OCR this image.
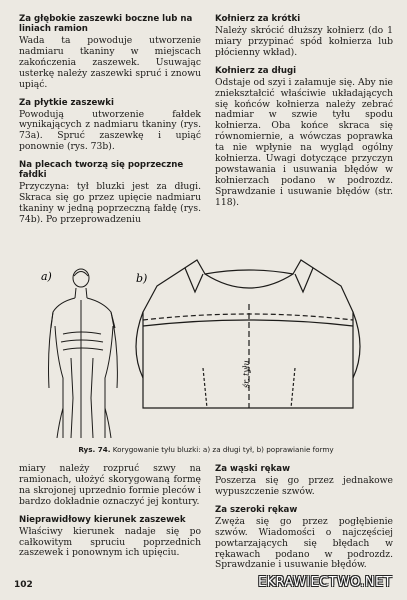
Za głębokie zaszewki boczne lub na liniach ramion
Wada ta powoduje utworzenie nadmiaru tkaniny w miejscach zakończenia zaszewek. Usuwając usterkę należy zaszewki spruć i znowu upiąć.
Za płytkie zaszewki
Powodują utworzenie fałdek wynikających z nadmiaru tkaniny (rys. 73a). Spruć zaszewkę i upiąć ponownie (rys. 73b).
Na plecach tworzą się poprzeczne fałdki
Przyczyna: tył bluzki jest za długi. Skraca się go przez upięcie nadmiaru tkaniny w jedną poprzeczną fałdę (rys. 74b). Po przeprowadzeniu
Kołnierz za krótki
Należy skrócić dłuższy kołnierz (do 1 miary przypinać spód kołnierza lub płócienny wkład).
Kołnierz za długi
Odstaje od szyi i załamuje się. Aby nie zniekształcić właściwie układających się końców kołnierza należy zebrać nadmiar w szwie tyłu spodu kołnierza. Oba końce skraca się równomiernie, a wówczas poprawka ta nie wpłynie na wygląd ogólny kołnierza. Uwagi dotyczące przyczyn powstawania i usuwania błędów w kołnierzach podano w podrozdz. Sprawdzanie i usuwanie błędów (str. 118).
a)	b)
śr. tyłu
Rys. 74. Korygowanie tyłu bluzki: a) za długi tył, b) poprawianie formy
miary należy rozpruć szwy na ramionach, ułożyć skorygowaną formę na skrojonej uprzednio formie pleców i bardzo dokładnie oznaczyć jej kontury.
Nieprawidłowy kierunek zaszewek
Właściwy kierunek nadaje się po całkowitym spruciu poprzednich zaszewek i ponownym ich upięciu.
Za wąski rękaw
Poszerza się go przez jednakowe wypuszczenie szwów.
Za szeroki rękaw
Zwęża się go przez pogłębienie szwów. Wiadomości o najczęściej powtarzających się błędach w rękawach podano w podrozdz. Sprawdzanie i usuwanie błędów.
102	EKRAWIECTWO.NET
